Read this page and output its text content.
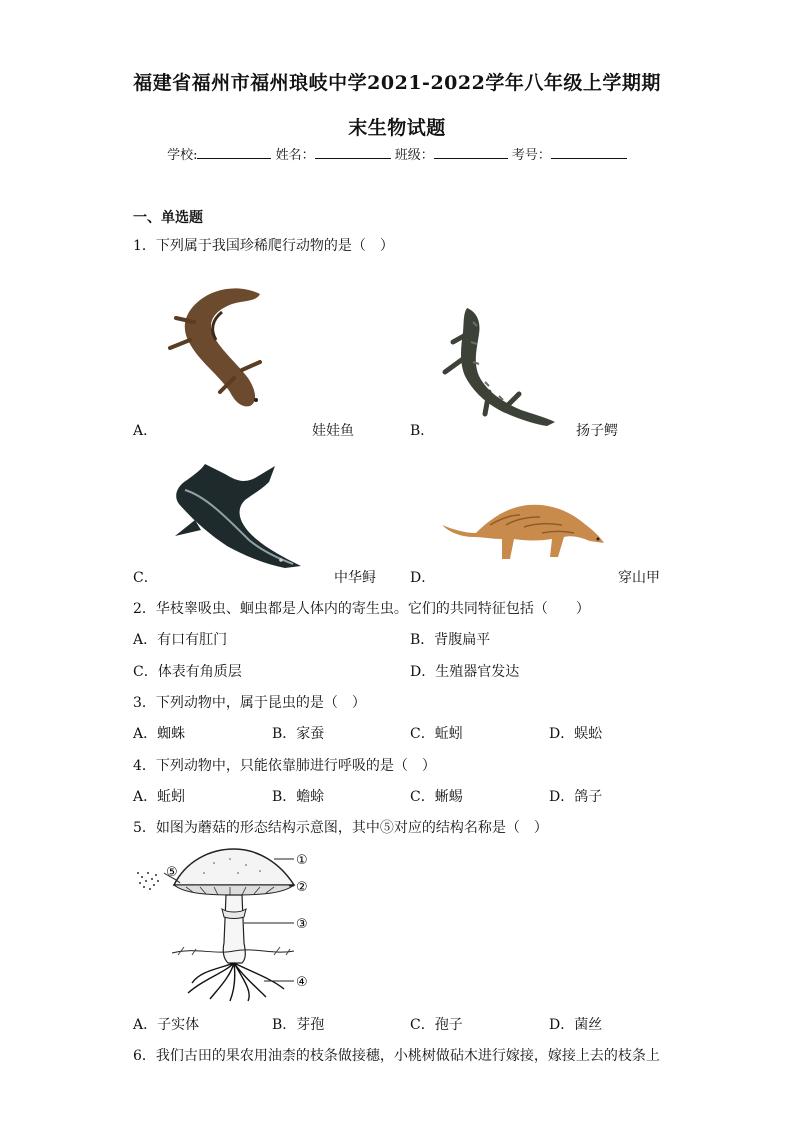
福建省福州市福州琅岐中学2021-2022学年八年级上学期期
末生物试题
学校:	姓名：	班级：	考号：
一、单选题
1．下列属于我国珍稀爬行动物的是（　）
A．	娃娃鱼	B．	扬子鳄
C．	中华鲟 D．	穿山甲
2．华枝睾吸虫、蛔虫都是人体内的寄生虫。它们的共同特征包括（　　）
A．有口有肛门	B．背腹扁平
C．体表有角质层	D．生殖器官发达
3．下列动物中，属于昆虫的是（　）
A．蜘蛛	B．家蚕	C．蚯蚓	D．蜈蚣
4．下列动物中，只能依靠肺进行呼吸的是（　）
A．蚯蚓	B．蟾蜍	C．蜥蜴	D．鸽子
5．如图为蘑菇的形态结构示意图，其中⑤对应的结构名称是（　）
①
②
③
④
⑤
A．子实体	B．芽孢	C．孢子	D．菌丝
6．我们古田的果农用油柰的枝条做接穗，小桃树做砧木进行嫁接，嫁接上去的枝条上
